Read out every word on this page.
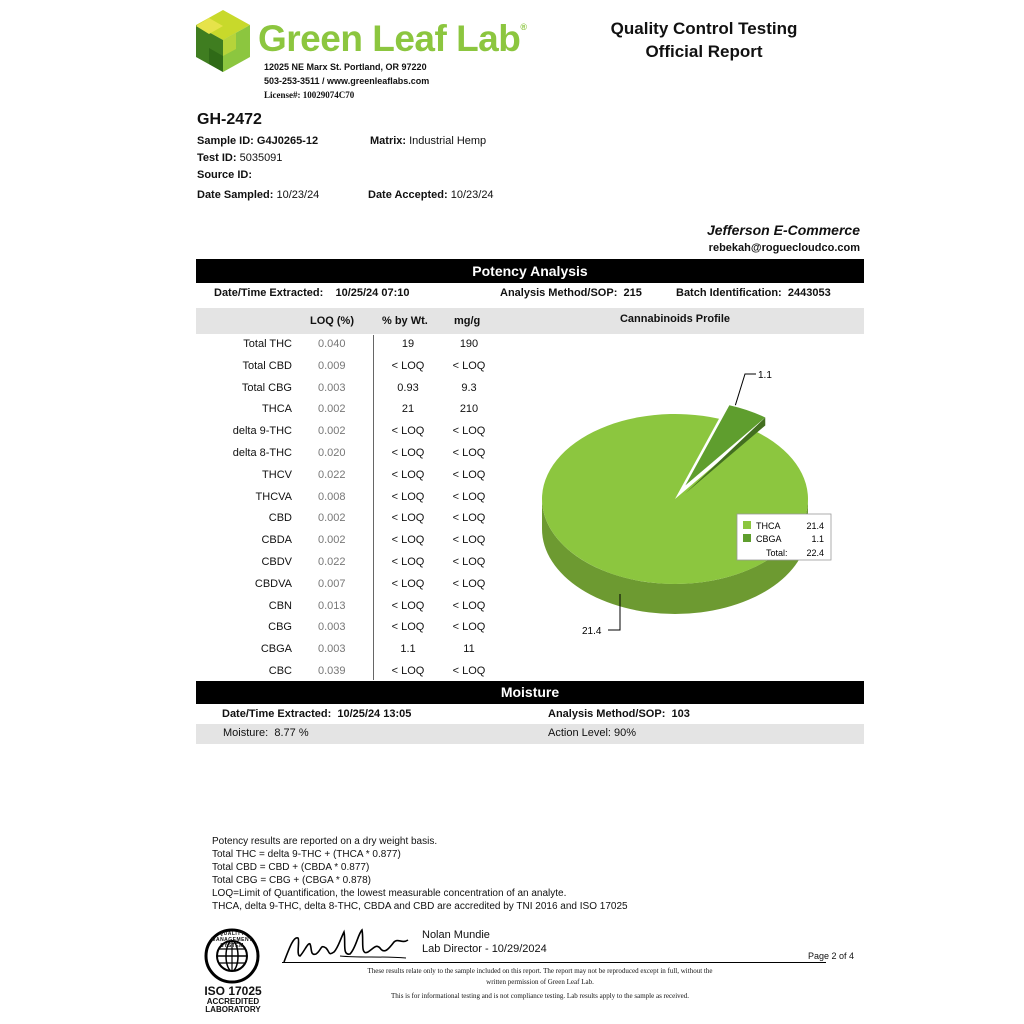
Green Leaf Lab®
12025 NE Marx St. Portland, OR 97220
503-253-3511 / www.greenleaflabs.com
License#: 10029074C70
Quality Control Testing
Official Report
GH-2472
Sample ID: G4J0265-12	Matrix: Industrial Hemp
Test ID: 5035091
Source ID:
Date Sampled: 10/23/24	Date Accepted: 10/23/24
Jefferson E-Commerce
rebekah@roguecloudco.com
Potency Analysis
Date/Time Extracted: 10/25/24 07:10	Analysis Method/SOP: 215	Batch Identification: 2443053
LOQ (%)	% by Wt. mg/g
Total THC 0.040	19	190
Total CBD 0.009	< LOQ	< LOQ
Total CBG 0.003	0.93	9.3
THCA 0.002	21	210
delta 9-THC 0.002	< LOQ	< LOQ
delta 8-THC 0.020	< LOQ	< LOQ
THCV 0.022	< LOQ	< LOQ
THCVA 0.008	< LOQ	< LOQ
CBD 0.002	< LOQ	< LOQ
CBDA 0.002	< LOQ	< LOQ
CBDV 0.022	< LOQ	< LOQ
CBDVA 0.007	< LOQ	< LOQ
CBN 0.013	< LOQ	< LOQ
CBG 0.003	< LOQ	< LOQ
CBGA 0.003	1.1	11
CBC 0.039	< LOQ	< LOQ
Cannabinoids Profile
1.1
21.4
THCA	21.4
CBGA	1.1
Total: 22.4
Moisture
Date/Time Extracted: 10/25/24 13:05	Analysis Method/SOP: 103
Moisture: 8.77 %	Action Level: 90%
Potency results are reported on a dry weight basis.
Total THC = delta 9-THC + (THCA * 0.877)
Total CBD = CBD + (CBDA * 0.877)
Total CBG = CBG + (CBGA * 0.878)
LOQ=Limit of Quantification, the lowest measurable concentration of an analyte.
THCA, delta 9-THC, delta 8-THC, CBDA and CBD are accredited by TNI 2016 and ISO 17025
QUALITY MANAGEMENT SYSTEM
ISO 17025
ACCREDITED
LABORATORY
Nolan Mundie
Lab Director - 10/29/2024
Page 2 of 4
These results relate only to the sample included on this report. The report may not be reproduced except in full, without the
written permission of Green Leaf Lab.
This is for informational testing and is not compliance testing. Lab results apply to the sample as received.
